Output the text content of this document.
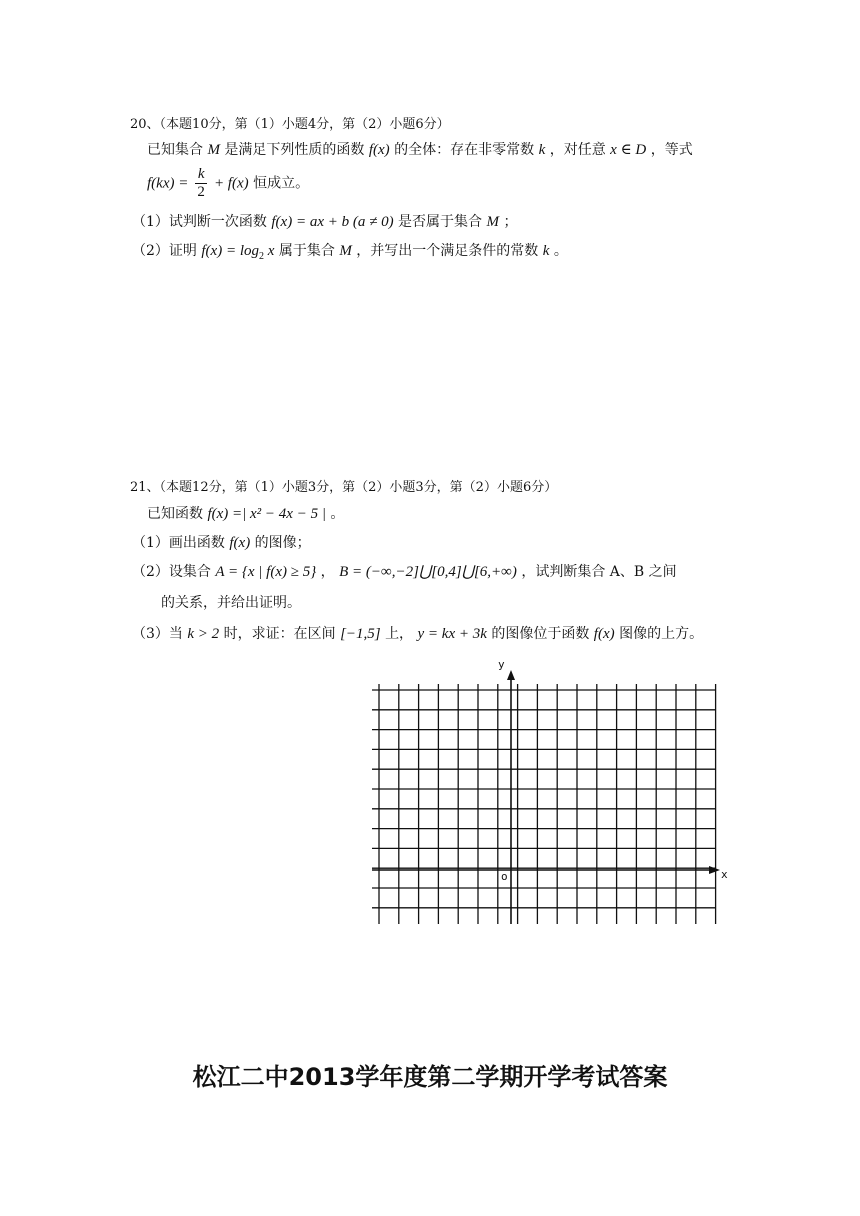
20、（本题10分，第（1）小题4分，第（2）小题6分）
已知集合 M 是满足下列性质的函数 f(x) 的全体：存在非零常数 k ，对任意 x ∈ D ，等式
$f(kx) = \frac{k}{2} + f(x)$ 恒成立。
（1）试判断一次函数 f(x) = ax + b (a ≠ 0) 是否属于集合 M ；
（2）证明 $f(x) = \log_2 x$ 属于集合 M ，并写出一个满足条件的常数 k 。
21、（本题12分，第（1）小题3分，第（2）小题3分，第（2）小题6分）
已知函数 f(x) =| x² − 4x − 5 | 。
（1）画出函数 f(x) 的图像；
（2）设集合 A = {x | f(x) ≥ 5} ， B = (−∞,−2]⋃[0,4]⋃[6,+∞) ，试判断集合 A、B 之间
的关系，并给出证明。
（3）当 k > 2 时，求证：在区间 [−1,5] 上， y = kx + 3k 的图像位于函数 f(x) 图像的上方。
y
x
o
松江二中2013学年度第二学期开学考试答案
